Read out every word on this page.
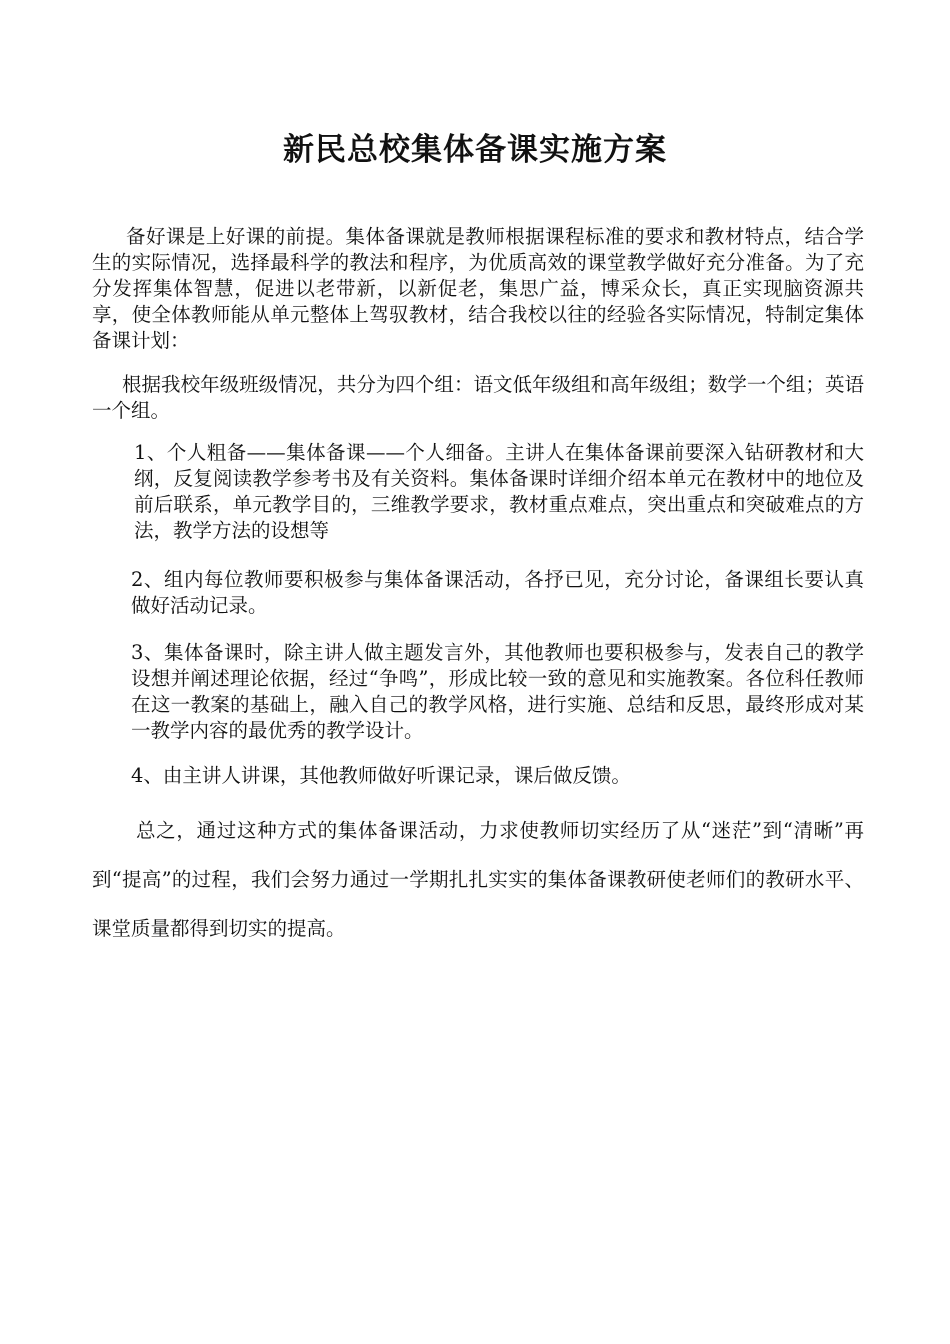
新民总校集体备课实施方案

备好课是上好课的前提。集体备课就是教师根据课程标准的要求和教材特点，结合学生的实际情况，选择最科学的教法和程序，为优质高效的课堂教学做好充分准备。为了充分发挥集体智慧，促进以老带新，以新促老，集思广益，博采众长，真正实现脑资源共享，使全体教师能从单元整体上驾驭教材，结合我校以往的经验各实际情况，特制定集体备课计划：

根据我校年级班级情况，共分为四个组：语文低年级组和高年级组；数学一个组；英语一个组。

1、个人粗备——集体备课——个人细备。主讲人在集体备课前要深入钻研教材和大纲，反复阅读教学参考书及有关资料。集体备课时详细介绍本单元在教材中的地位及前后联系，单元教学目的，三维教学要求，教材重点难点，突出重点和突破难点的方法，教学方法的设想等

2、组内每位教师要积极参与集体备课活动，各抒已见，充分讨论，备课组长要认真做好活动记录。

3、集体备课时，除主讲人做主题发言外，其他教师也要积极参与，发表自己的教学设想并阐述理论依据，经过“争鸣”，形成比较一致的意见和实施教案。各位科任教师在这一教案的基础上，融入自己的教学风格，进行实施、总结和反思，最终形成对某一教学内容的最优秀的教学设计。

4、由主讲人讲课，其他教师做好听课记录，课后做反馈。

总之，通过这种方式的集体备课活动，力求使教师切实经历了从“迷茫”到“清晰”再到“提高”的过程，我们会努力通过一学期扎扎实实的集体备课教研使老师们的教研水平、课堂质量都得到切实的提高。
